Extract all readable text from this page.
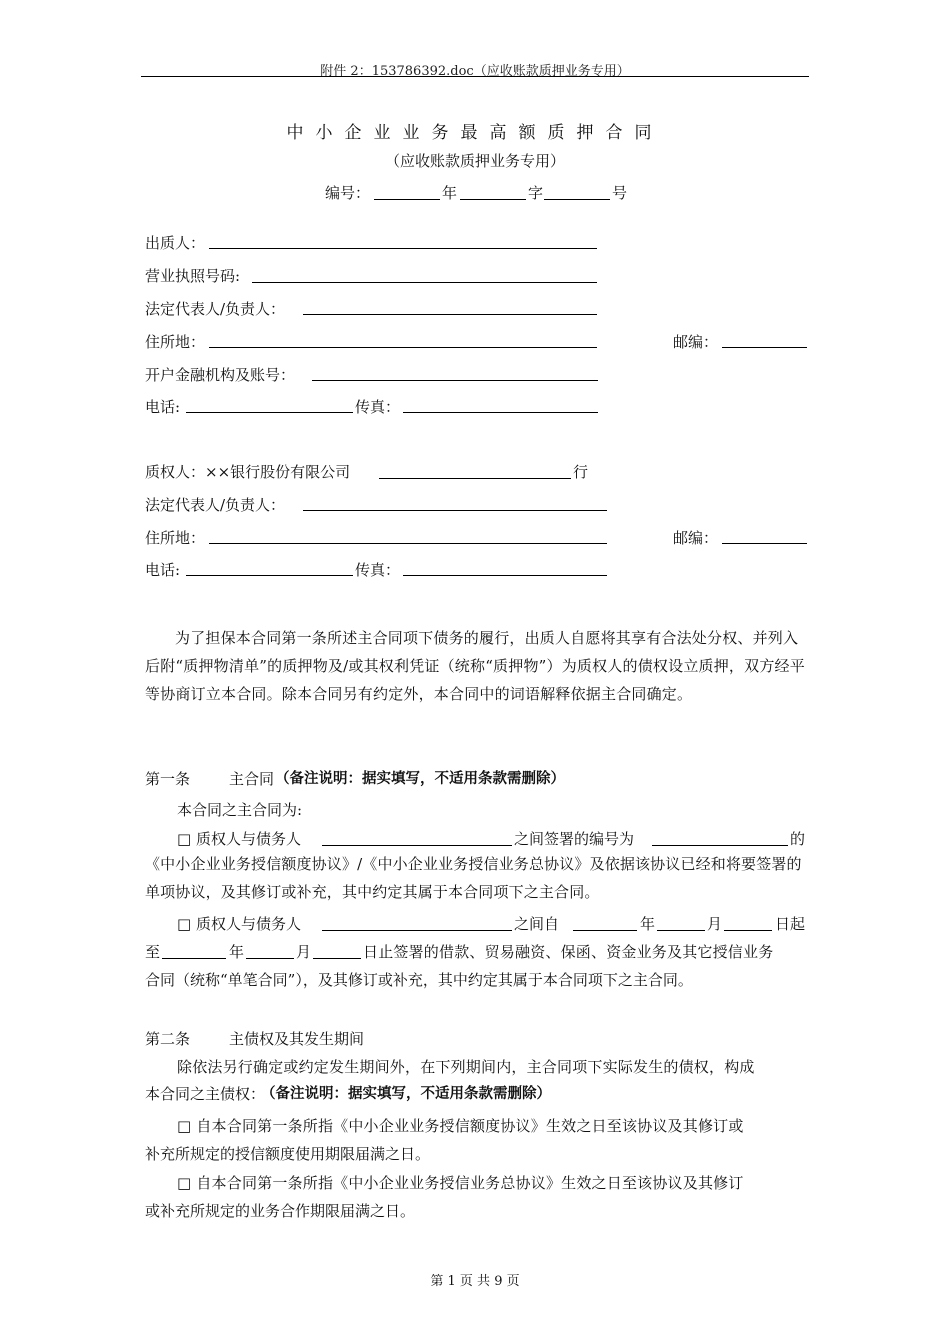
附件 2：153786392.doc（应收账款质押业务专用）
中小企业业务最高额质押合同
（应收账款质押业务专用）
编号：	年	字	号
出质人：
营业执照号码:
法定代表人/负责人：
住所地：	邮编：
开户金融机构及账号：
电话:	传真：
质权人：××银行股份有限公司	行
法定代表人/负责人：
住所地：	邮编：
电话:	传真：
为了担保本合同第一条所述主合同项下债务的履行，出质人自愿将其享有合法处分权、并列入后附“质押物清单”的质押物及/或其权利凭证（统称“质押物”）为质权人的债权设立质押，双方经平等协商订立本合同。除本合同另有约定外，本合同中的词语解释依据主合同确定。
第一条	主合同 （备注说明：据实填写，不适用条款需删除）
本合同之主合同为:
□ 质权人与债务人	之间签署的编号为	的
《中小企业业务授信额度协议》/《中小企业业务授信业务总协议》及依据该协议已经和将要签署的单项协议，及其修订或补充，其中约定其属于本合同项下之主合同。
□ 质权人与债务人	之间自	年	月	日起
至	年	月	日止签署的借款、贸易融资、保函、资金业务及其它授信业务
合同（统称“单笔合同”），及其修订或补充，其中约定其属于本合同项下之主合同。
第二条	主债权及其发生期间
除依法另行确定或约定发生期间外，在下列期间内，主合同项下实际发生的债权，构成
本合同之主债权：
（备注说明：据实填写，不适用条款需删除）
□ 自本合同第一条所指《中小企业业务授信额度协议》生效之日至该协议及其修订或
补充所规定的授信额度使用期限届满之日。
□ 自本合同第一条所指《中小企业业务授信业务总协议》生效之日至该协议及其修订
或补充所规定的业务合作期限届满之日。
第 1 页 共 9 页
